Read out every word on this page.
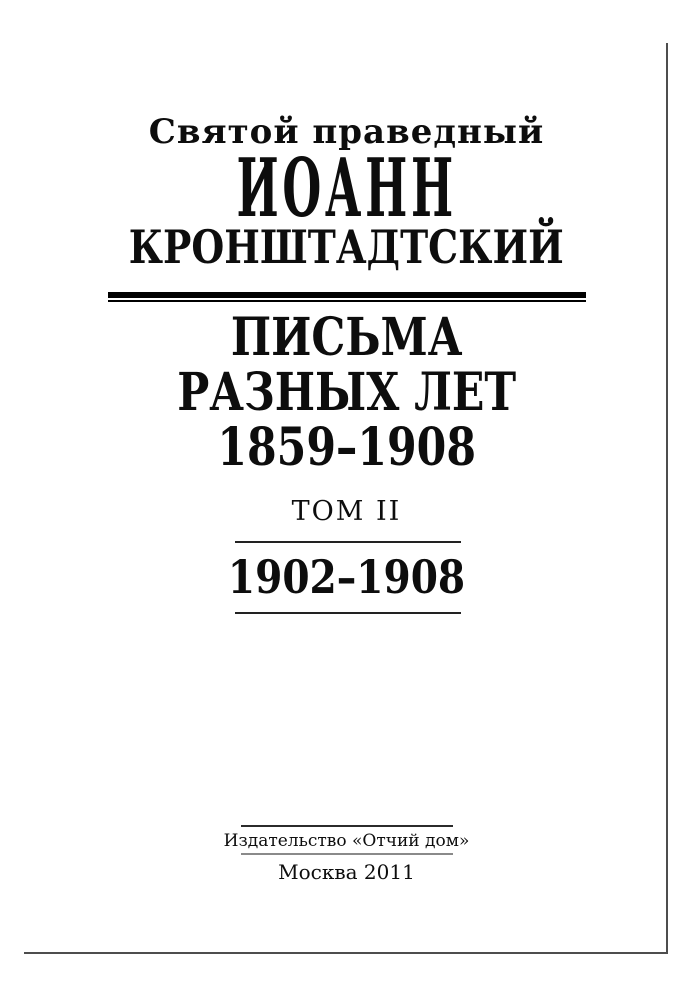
Святой праведный
ИОАНН
КРОНШТАДТСКИЙ
ПИСЬМА
РАЗНЫХ ЛЕТ
1859–1908
ТОМ II
1902–1908
Издательство «Отчий дом»
Москва 2011
